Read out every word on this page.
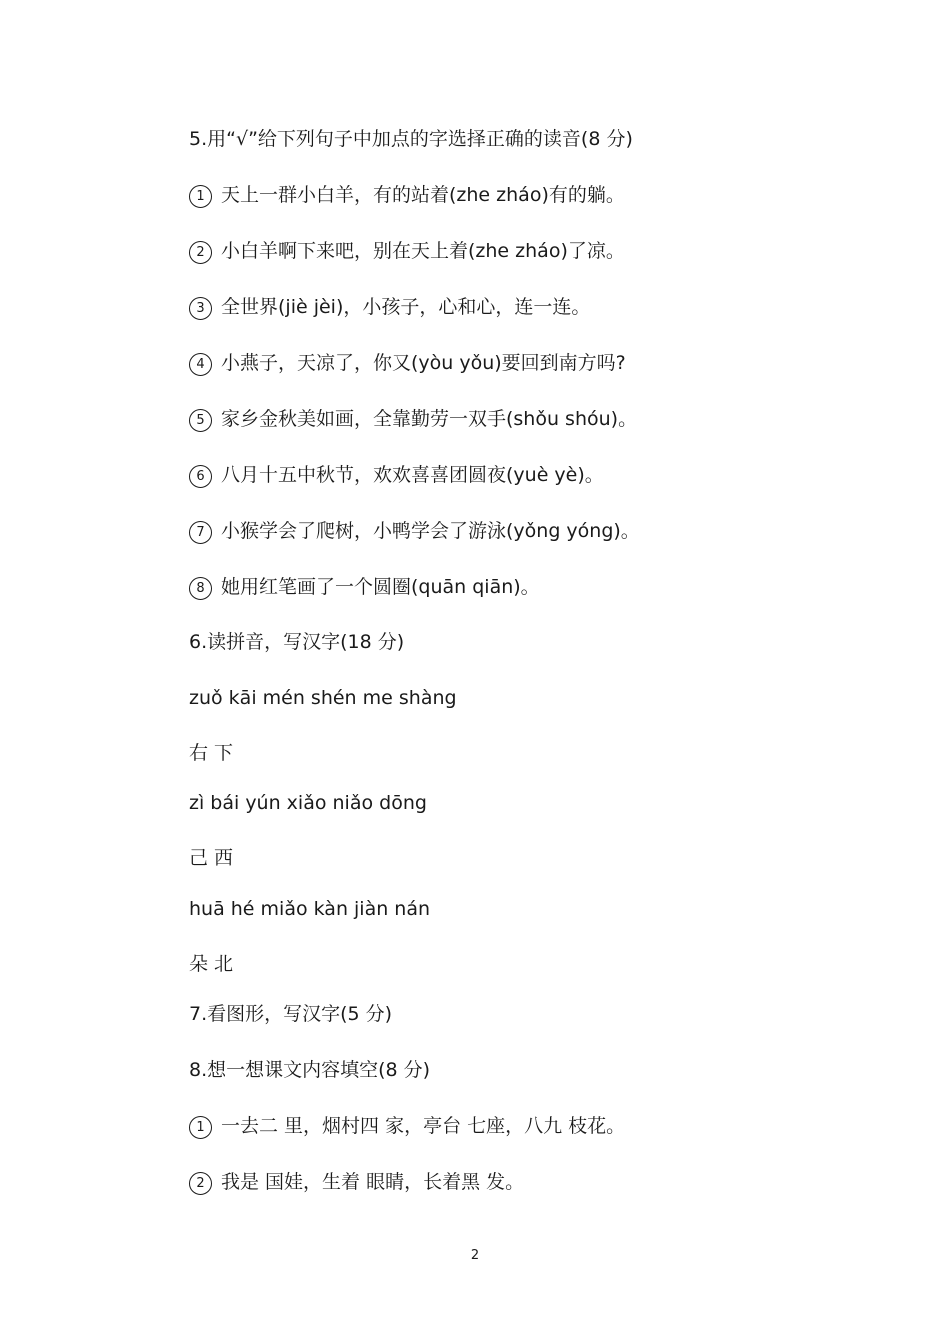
5.用“√”给下列句子中加点的字选择正确的读音(8 分)
1 天上一群小白羊，有的站着(zhe zháo)有的躺。
2 小白羊啊下来吧，别在天上着(zhe zháo)了凉。
3 全世界(jiè jèi)，小孩子，心和心，连一连。
4 小燕子，天凉了，你又(yòu yǒu)要回到南方吗?
5 家乡金秋美如画，全靠勤劳一双手(shǒu shóu)。
6 八月十五中秋节，欢欢喜喜团圆夜(yuè yè)。
7 小猴学会了爬树，小鸭学会了游泳(yǒng yóng)。
8 她用红笔画了一个圆圈(quān qiān)。
6.读拼音，写汉字(18 分)
zuǒ kāi mén shén me shàng
右 下
zì bái yún xiǎo niǎo dōng
己 西
huā hé miǎo kàn jiàn nán
朵 北
7.看图形，写汉字(5 分)
8.想一想课文内容填空(8 分)
1 一去二 里，烟村四 家，亭台 七座，八九 枝花。
2 我是 国娃，生着 眼睛，长着黑 发。
2
